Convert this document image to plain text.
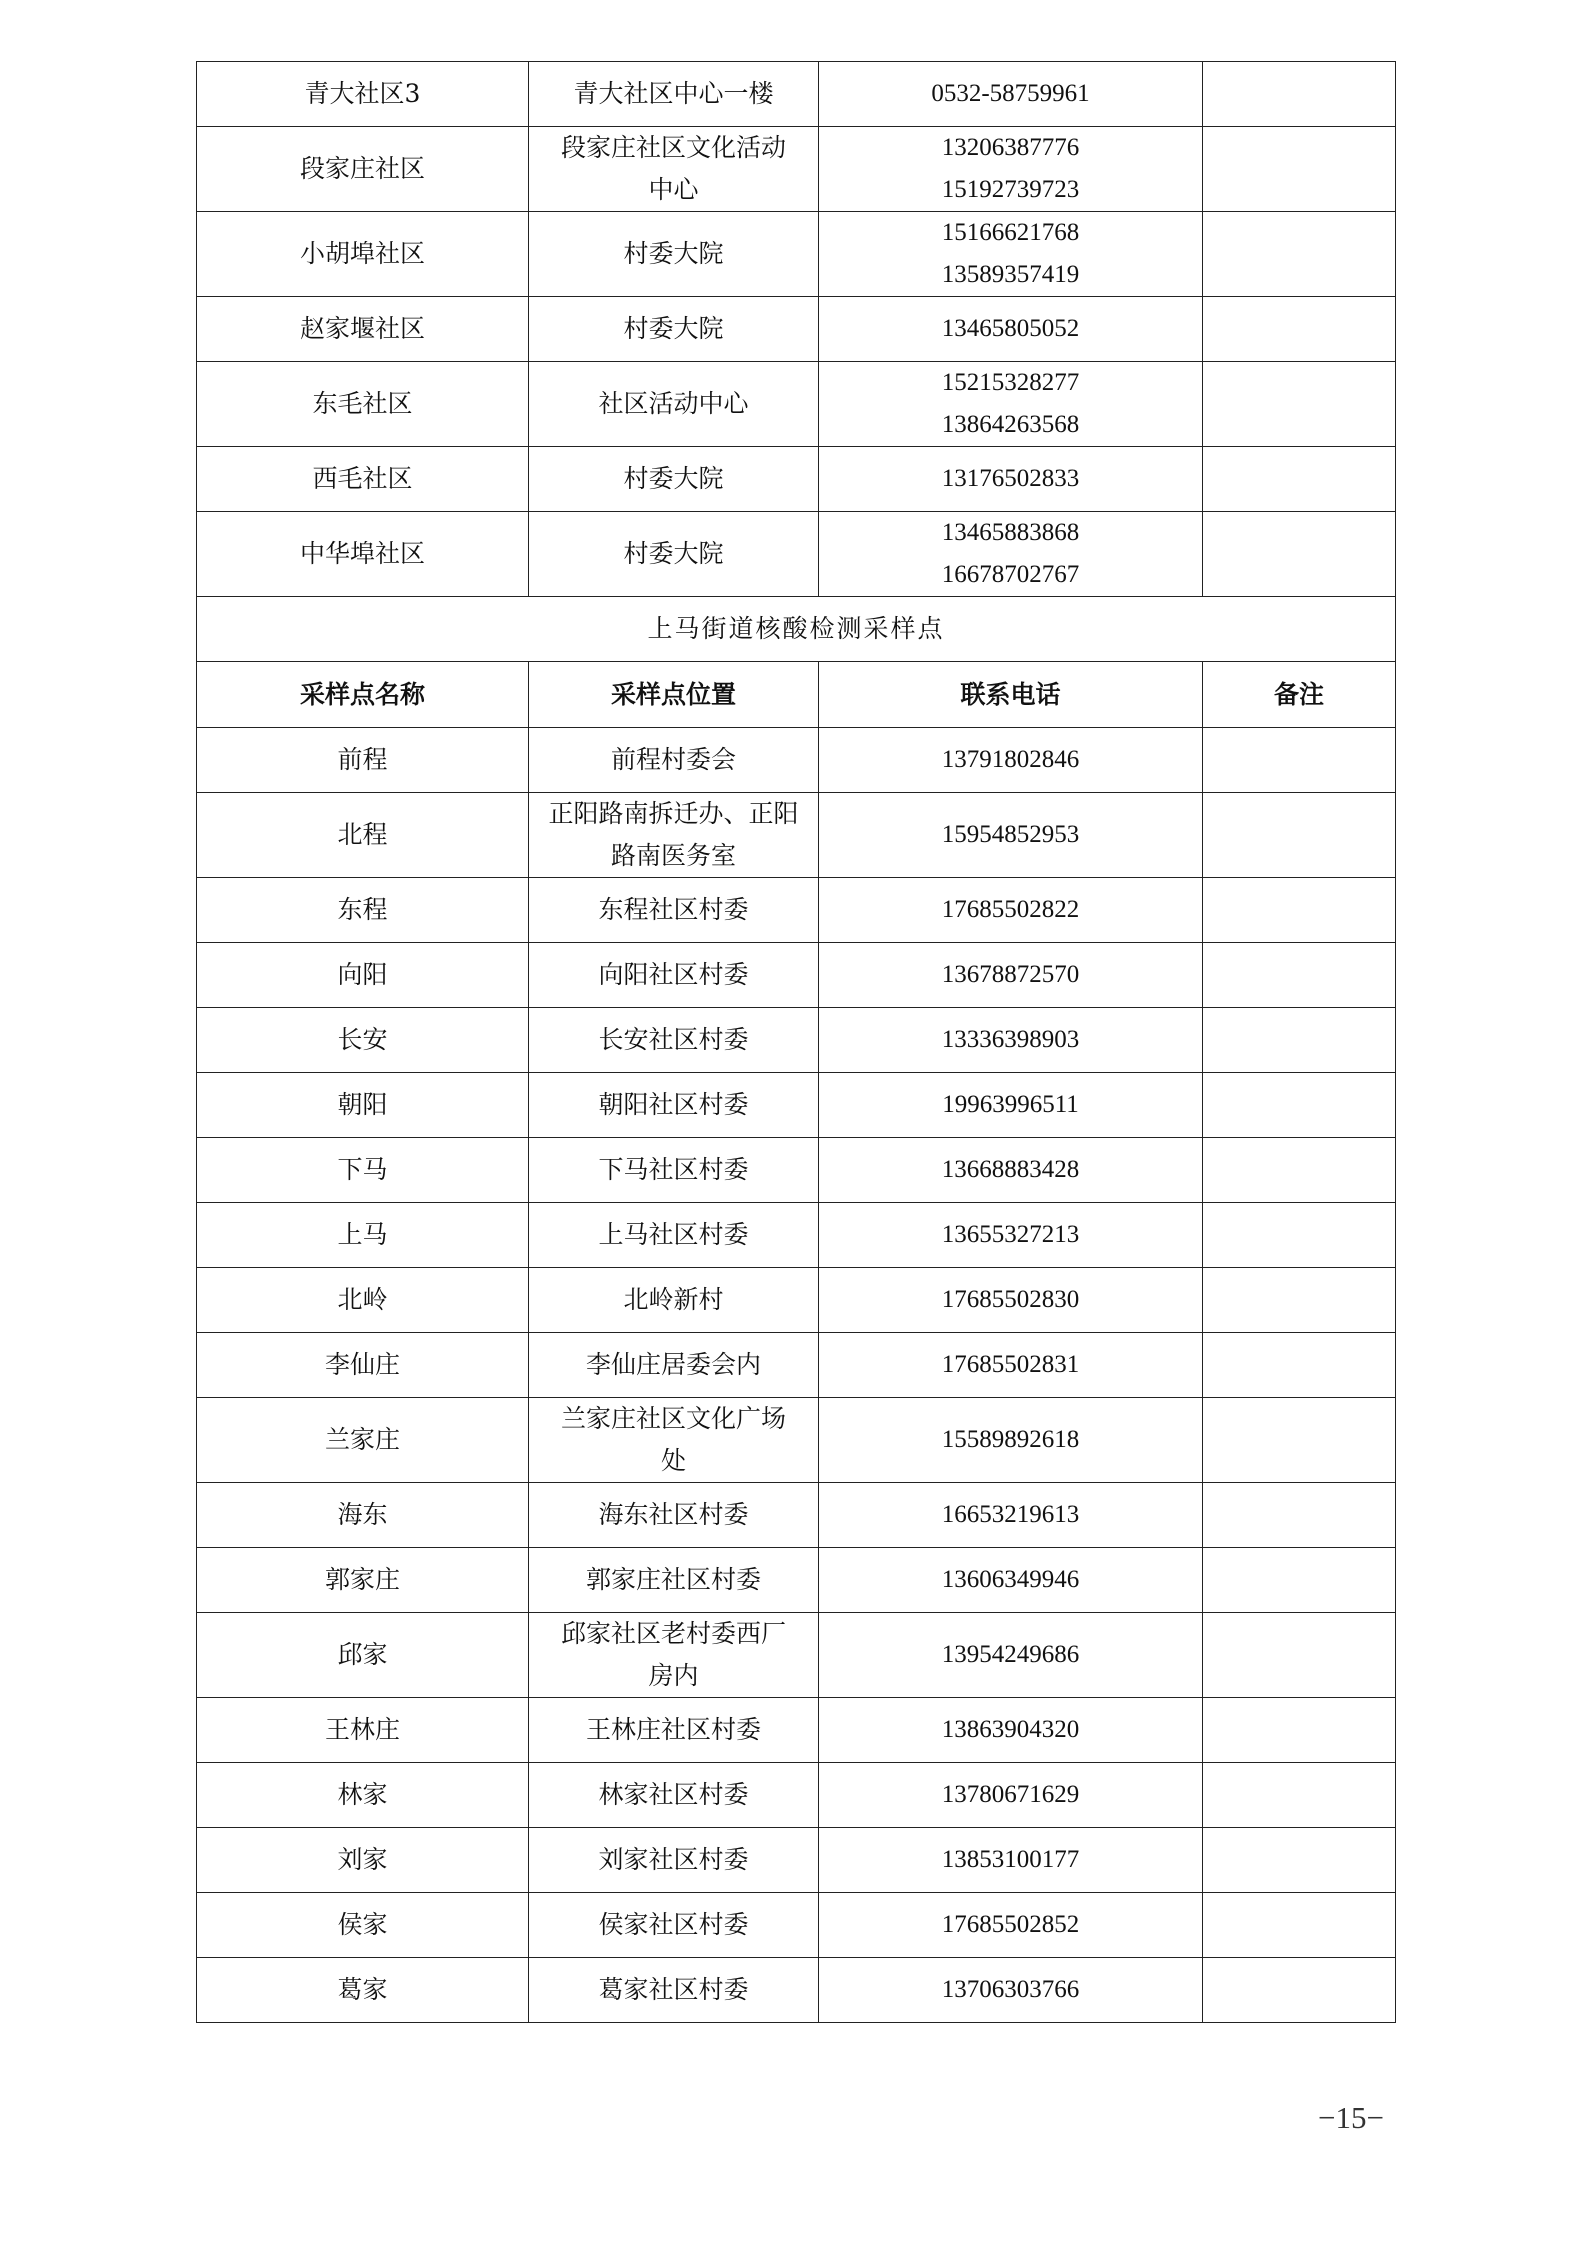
青大社区3	青大社区中心一楼	0532-58759961	

段家庄社区	段家庄社区文化活动
中心	13206387776
15192739723	

小胡埠社区	村委大院	15166621768
13589357419	

赵家堰社区	村委大院	13465805052	

东毛社区	社区活动中心	15215328277
13864263568	

西毛社区	村委大院	13176502833	

中华埠社区	村委大院	13465883868
16678702767	

上马街道核酸检测采样点			
采样点名称	采样点位置	联系电话	备注
前程	前程村委会	13791802846	

北程	正阳路南拆迁办、正阳
路南医务室	15954852953	

东程	东程社区村委	17685502822	

向阳	向阳社区村委	13678872570	

长安	长安社区村委	13336398903	

朝阳	朝阳社区村委	19963996511	

下马	下马社区村委	13668883428	

上马	上马社区村委	13655327213	

北岭	北岭新村	17685502830	

李仙庄	李仙庄居委会内	17685502831	

兰家庄	兰家庄社区文化广场
处	15589892618	

海东	海东社区村委	16653219613	

郭家庄	郭家庄社区村委	13606349946	

邱家	邱家社区老村委西厂
房内	13954249686	

王林庄	王林庄社区村委	13863904320	

林家	林家社区村委	13780671629	

刘家	刘家社区村委	13853100177	

侯家	侯家社区村委	17685502852	

葛家	葛家社区村委	13706303766	

−15−
